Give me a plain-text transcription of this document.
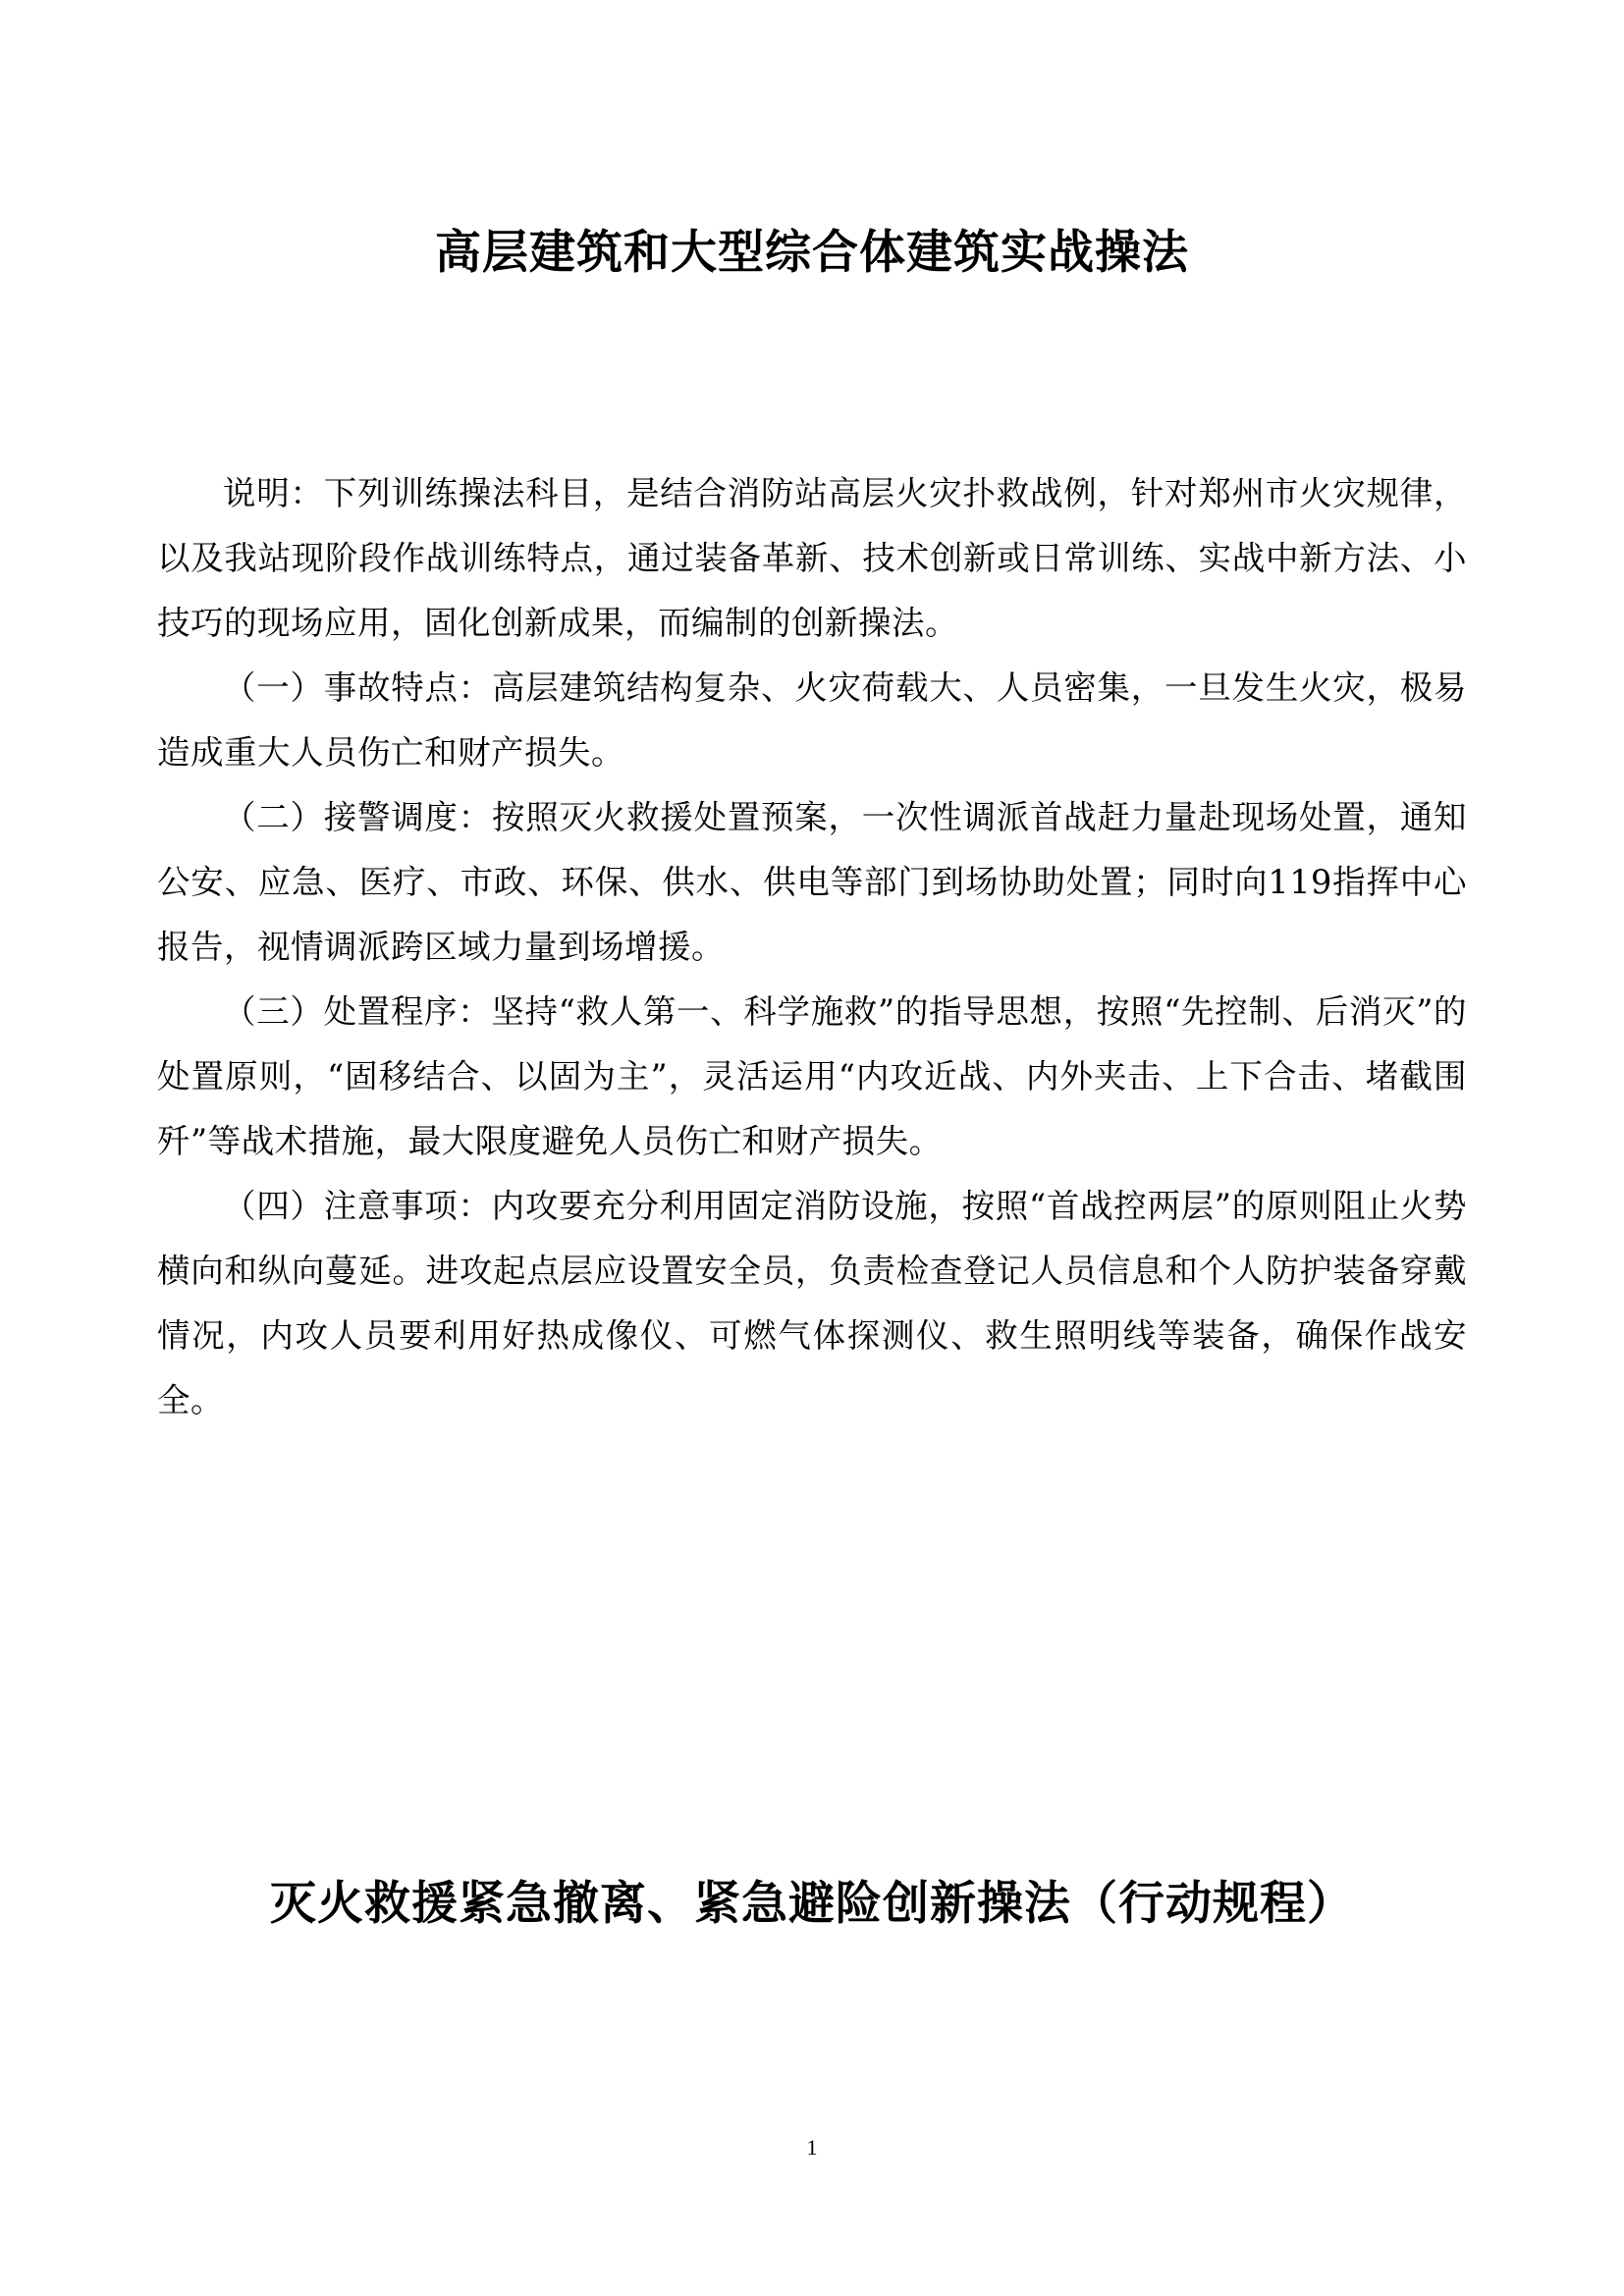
高层建筑和大型综合体建筑实战操法

说明：下列训练操法科目，是结合消防站高层火灾扑救战例，针对郑州市火灾规律，以及我站现阶段作战训练特点，通过装备革新、技术创新或日常训练、实战中新方法、小技巧的现场应用，固化创新成果，而编制的创新操法。

（一）事故特点：高层建筑结构复杂、火灾荷载大、人员密集，一旦发生火灾，极易造成重大人员伤亡和财产损失。

（二）接警调度：按照灭火救援处置预案，一次性调派首战赶力量赴现场处置，通知公安、应急、医疗、市政、环保、供水、供电等部门到场协助处置；同时向119指挥中心报告，视情调派跨区域力量到场增援。

（三）处置程序：坚持“救人第一、科学施救”的指导思想，按照“先控制、后消灭”的处置原则，“固移结合、以固为主”，灵活运用“内攻近战、内外夹击、上下合击、堵截围歼”等战术措施，最大限度避免人员伤亡和财产损失。

（四）注意事项：内攻要充分利用固定消防设施，按照“首战控两层”的原则阻止火势横向和纵向蔓延。进攻起点层应设置安全员，负责检查登记人员信息和个人防护装备穿戴情况，内攻人员要利用好热成像仪、可燃气体探测仪、救生照明线等装备，确保作战安全。

灭火救援紧急撤离、紧急避险创新操法（行动规程）
1
